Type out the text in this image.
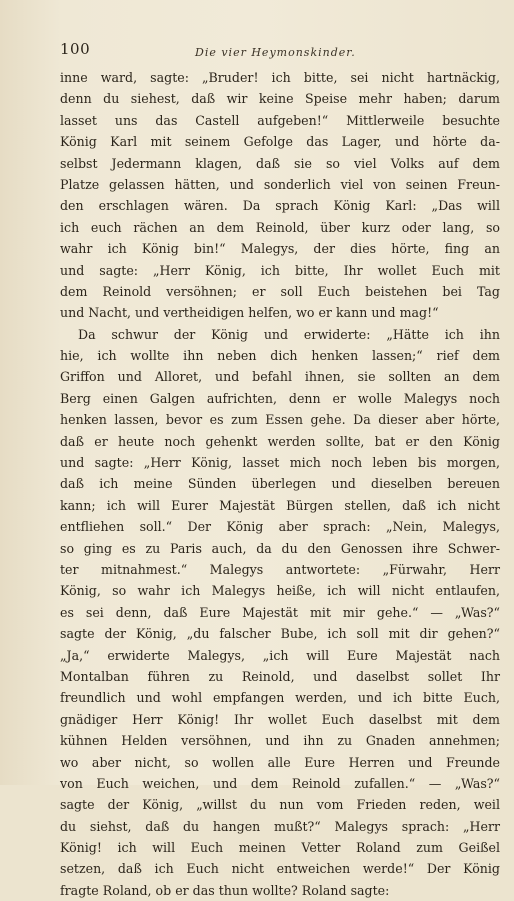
100	Die vier Heymonskinder.
inne ward, sagte: „Bruder! ich bitte, sei nicht hartnäckig,
denn du siehest, daß wir keine Speise mehr haben; darum
lasset uns das Castell aufgeben!“ Mittlerweile besuchte
König Karl mit seinem Gefolge das Lager, und hörte da-
selbst Jedermann klagen, daß sie so viel Volks auf dem
Platze gelassen hätten, und sonderlich viel von seinen Freun-
den erschlagen wären. Da sprach König Karl: „Das will
ich euch rächen an dem Reinold, über kurz oder lang, so
wahr ich König bin!“ Malegys, der dies hörte, fing an
und sagte: „Herr König, ich bitte, Ihr wollet Euch mit
dem Reinold versöhnen; er soll Euch beistehen bei Tag
und Nacht, und vertheidigen helfen, wo er kann und mag!“
Da schwur der König und erwiderte: „Hätte ich ihn
hie, ich wollte ihn neben dich henken lassen;“ rief dem
Griffon und Alloret, und befahl ihnen, sie sollten an dem
Berg einen Galgen aufrichten, denn er wolle Malegys noch
henken lassen, bevor es zum Essen gehe. Da dieser aber hörte,
daß er heute noch gehenkt werden sollte, bat er den König
und sagte: „Herr König, lasset mich noch leben bis morgen,
daß ich meine Sünden überlegen und dieselben bereuen
kann; ich will Eurer Majestät Bürgen stellen, daß ich nicht
entfliehen soll.“ Der König aber sprach: „Nein, Malegys,
so ging es zu Paris auch, da du den Genossen ihre Schwer-
ter mitnahmest.“ Malegys antwortete: „Fürwahr, Herr
König, so wahr ich Malegys heiße, ich will nicht entlaufen,
es sei denn, daß Eure Majestät mit mir gehe.“ — „Was?“
sagte der König, „du falscher Bube, ich soll mit dir gehen?“
„Ja,“ erwiderte Malegys, „ich will Eure Majestät nach
Montalban führen zu Reinold, und daselbst sollet Ihr
freundlich und wohl empfangen werden, und ich bitte Euch,
gnädiger Herr König! Ihr wollet Euch daselbst mit dem
kühnen Helden versöhnen, und ihn zu Gnaden annehmen;
wo aber nicht, so wollen alle Eure Herren und Freunde
von Euch weichen, und dem Reinold zufallen.“ — „Was?“
sagte der König, „willst du nun vom Frieden reden, weil
du siehst, daß du hangen mußt?“ Malegys sprach: „Herr
König! ich will Euch meinen Vetter Roland zum Geißel
setzen, daß ich Euch nicht entweichen werde!“ Der König
fragte Roland, ob er das thun wollte? Roland sagte:
